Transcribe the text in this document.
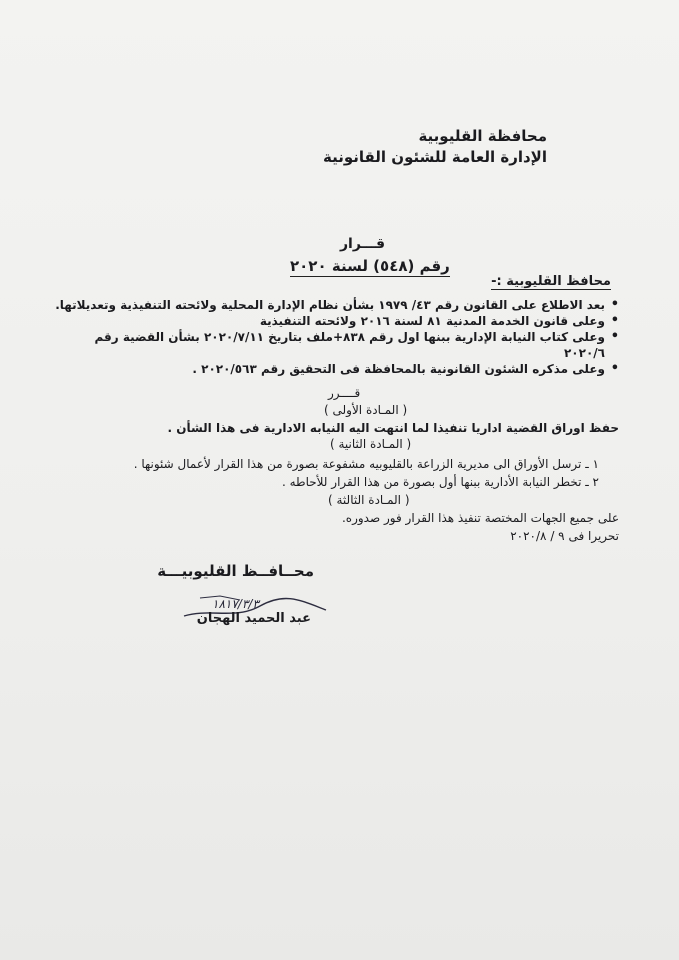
محافظة القليوبية
الإدارة العامة للشئون القانونية
قـــرار
رقم (٥٤٨) لسنة ٢٠٢٠
محافظ القليوبية :-
• بعد الاطلاع على القانون رقم ٤٣/ ١٩٧٩ بشأن نظام الإدارة المحلية ولائحته التنفيذية وتعديلاتها.
• وعلى قانون الخدمة المدنية ٨١ لسنة ٢٠١٦ ولائحته التنفيذية
• وعلى كتاب النيابة الإدارية ببنها اول رقم ٨٣٨+ملف بتاريخ ٢٠٢٠/٧/١١ بشأن القضية رقم
٢٠٢٠/٦
• وعلى مذكره الشئون القانونية بالمحافظة فى التحقيق رقم ٢٠٢٠/٥٦٣ .
قــــرر
( المـادة الأولى )
حفظ اوراق القضية اداريا تنفيذا لما انتهت اليه النيابه الادارية فى هذا الشأن .
( المـادة الثانية )
١ ـ ترسل الأوراق الى مديرية الزراعة بالقليوبيه مشفوعة بصورة من هذا القرار لأعمال شئونها .
٢ ـ تخطر النيابة الأدارية ببنها أول بصورة من هذا القرار للأحاطه .
( المـادة الثالثة )
على جميع الجهات المختصة تنفيذ هذا القرار فور صدوره.
تحريرا فى ٩ / ٢٠٢٠/٨
محــافــظ القليوبيـــة
١٨١٧/٣/٣
عبد الحميد الهجان
